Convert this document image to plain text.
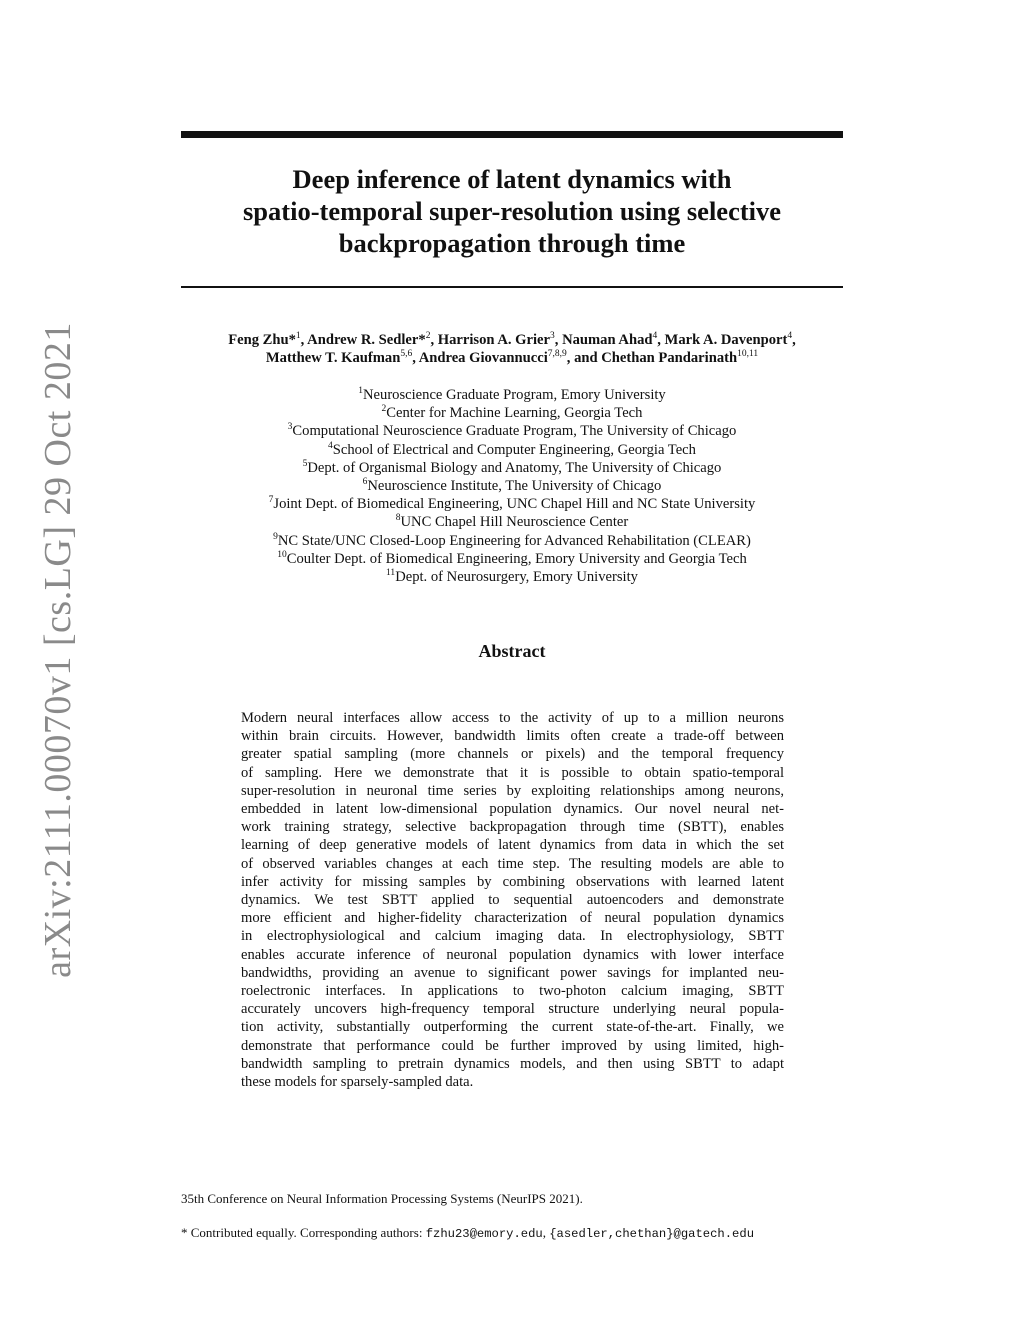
arXiv:2111.00070v1 [cs.LG] 29 Oct 2021
Deep inference of latent dynamics with
spatio-temporal super-resolution using selective
backpropagation through time
Feng Zhu*$^1$, Andrew R. Sedler*$^2$, Harrison A. Grier$^3$, Nauman Ahad$^4$, Mark A. Davenport$^4$,
Matthew T. Kaufman$^{5,6}$, Andrea Giovannucci$^{7,8,9}$, and Chethan Pandarinath$^{10,11}$
$^1$Neuroscience Graduate Program, Emory University
$^2$Center for Machine Learning, Georgia Tech
$^3$Computational Neuroscience Graduate Program, The University of Chicago
$^4$School of Electrical and Computer Engineering, Georgia Tech
$^5$Dept. of Organismal Biology and Anatomy, The University of Chicago
$^6$Neuroscience Institute, The University of Chicago
$^7$Joint Dept. of Biomedical Engineering, UNC Chapel Hill and NC State University
$^8$UNC Chapel Hill Neuroscience Center
$^9$NC State/UNC Closed-Loop Engineering for Advanced Rehabilitation (CLEAR)
$^{10}$Coulter Dept. of Biomedical Engineering, Emory University and Georgia Tech
$^{11}$Dept. of Neurosurgery, Emory University
Abstract
Modern neural interfaces allow access to the activity of up to a million neurons
within brain circuits. However, bandwidth limits often create a trade-off between
greater spatial sampling (more channels or pixels) and the temporal frequency
of sampling. Here we demonstrate that it is possible to obtain spatio-temporal
super-resolution in neuronal time series by exploiting relationships among neurons,
embedded in latent low-dimensional population dynamics. Our novel neural net-
work training strategy, selective backpropagation through time (SBTT), enables
learning of deep generative models of latent dynamics from data in which the set
of observed variables changes at each time step. The resulting models are able to
infer activity for missing samples by combining observations with learned latent
dynamics. We test SBTT applied to sequential autoencoders and demonstrate
more efficient and higher-fidelity characterization of neural population dynamics
in electrophysiological and calcium imaging data. In electrophysiology, SBTT
enables accurate inference of neuronal population dynamics with lower interface
bandwidths, providing an avenue to significant power savings for implanted neu-
roelectronic interfaces. In applications to two-photon calcium imaging, SBTT
accurately uncovers high-frequency temporal structure underlying neural popula-
tion activity, substantially outperforming the current state-of-the-art. Finally, we
demonstrate that performance could be further improved by using limited, high-
bandwidth sampling to pretrain dynamics models, and then using SBTT to adapt
these models for sparsely-sampled data.
35th Conference on Neural Information Processing Systems (NeurIPS 2021).
* Contributed equally. Corresponding authors: fzhu23@emory.edu, {asedler,chethan}@gatech.edu
